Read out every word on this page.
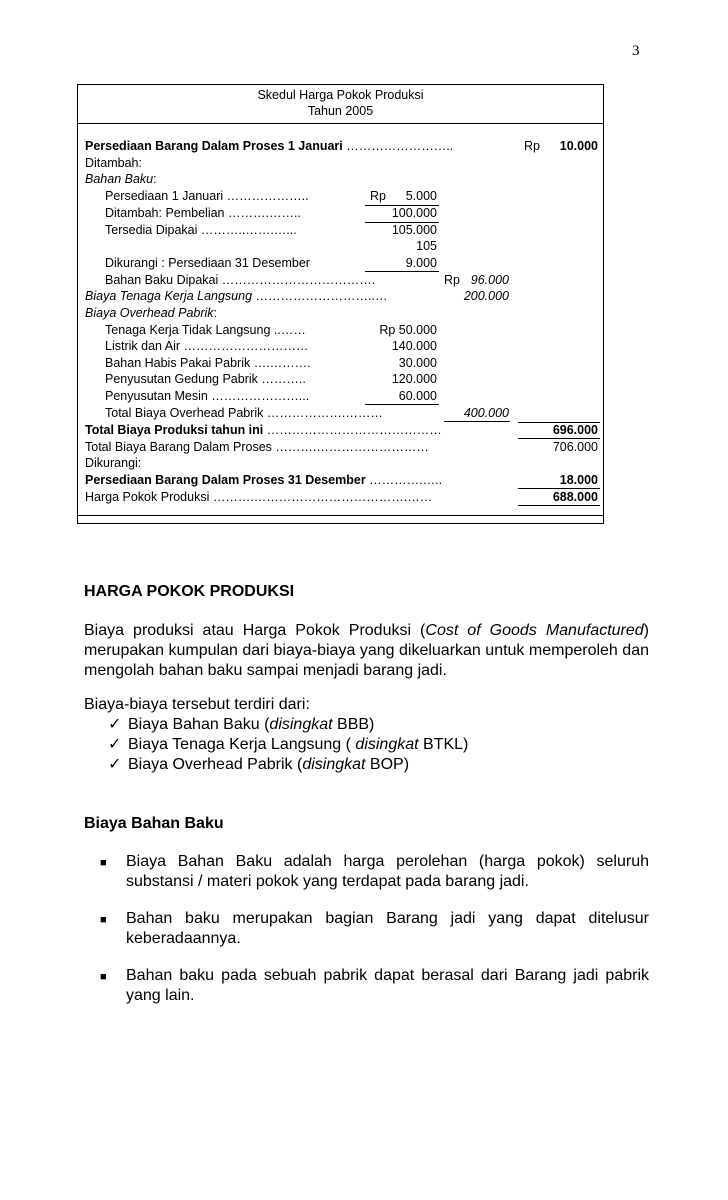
3
Skedul Harga Pokok Produksi
Tahun 2005
Persediaan Barang Dalam Proses 1 Januari ……………………..	Rp 10.000
Ditambah:
Bahan Baku:
Persediaan 1 Januari ………………..	Rp 5.000
Ditambah: Pembelian ……….……..	100.000
Tersedia Dipakai ………..…….…...	105.000
105
Dikurangi : Persediaan 31 Desember	9.000
Bahan Baku Dipakai ……………………………….	Rp 96.000
Biaya Tenaga Kerja Langsung ………………………..…	200.000
Biaya Overhead Pabrik:
Tenaga Kerja Tidak Langsung ..……	Rp 50.000
Listrik dan Air …………………………	140.000
Bahan Habis Pakai Pabrik ….……….	30.000
Penyusutan Gedung Pabrik ………..	120.000
Penyusutan Mesin …………………...	60.000
Total Biaya Overhead Pabrik ……………….………	400.000
Total Biaya Produksi tahun ini ……………………………………	696.000
Total Biaya Barang Dalam Proses ……….………………………	706.000
Dikurangi:
Persediaan Barang Dalam Proses 31 Desember ………….…..	18.000
Harga Pokok Produksi ……….……………………………….……	688.000
HARGA POKOK PRODUKSI
Biaya produksi atau Harga Pokok Produksi (Cost of Goods Manufactured) merupakan kumpulan dari biaya-biaya yang dikeluarkan untuk memperoleh dan mengolah bahan baku sampai menjadi barang jadi.
Biaya-biaya tersebut terdiri dari:
✓ Biaya Bahan Baku (disingkat BBB)
✓ Biaya Tenaga Kerja Langsung ( disingkat BTKL)
✓ Biaya Overhead Pabrik (disingkat BOP)
Biaya Bahan Baku
■ Biaya Bahan Baku adalah harga perolehan (harga pokok) seluruh substansi / materi pokok yang terdapat pada barang jadi.
■ Bahan baku merupakan bagian Barang jadi yang dapat ditelusur keberadaannya.
■ Bahan baku pada sebuah pabrik dapat berasal dari Barang jadi pabrik yang lain.
